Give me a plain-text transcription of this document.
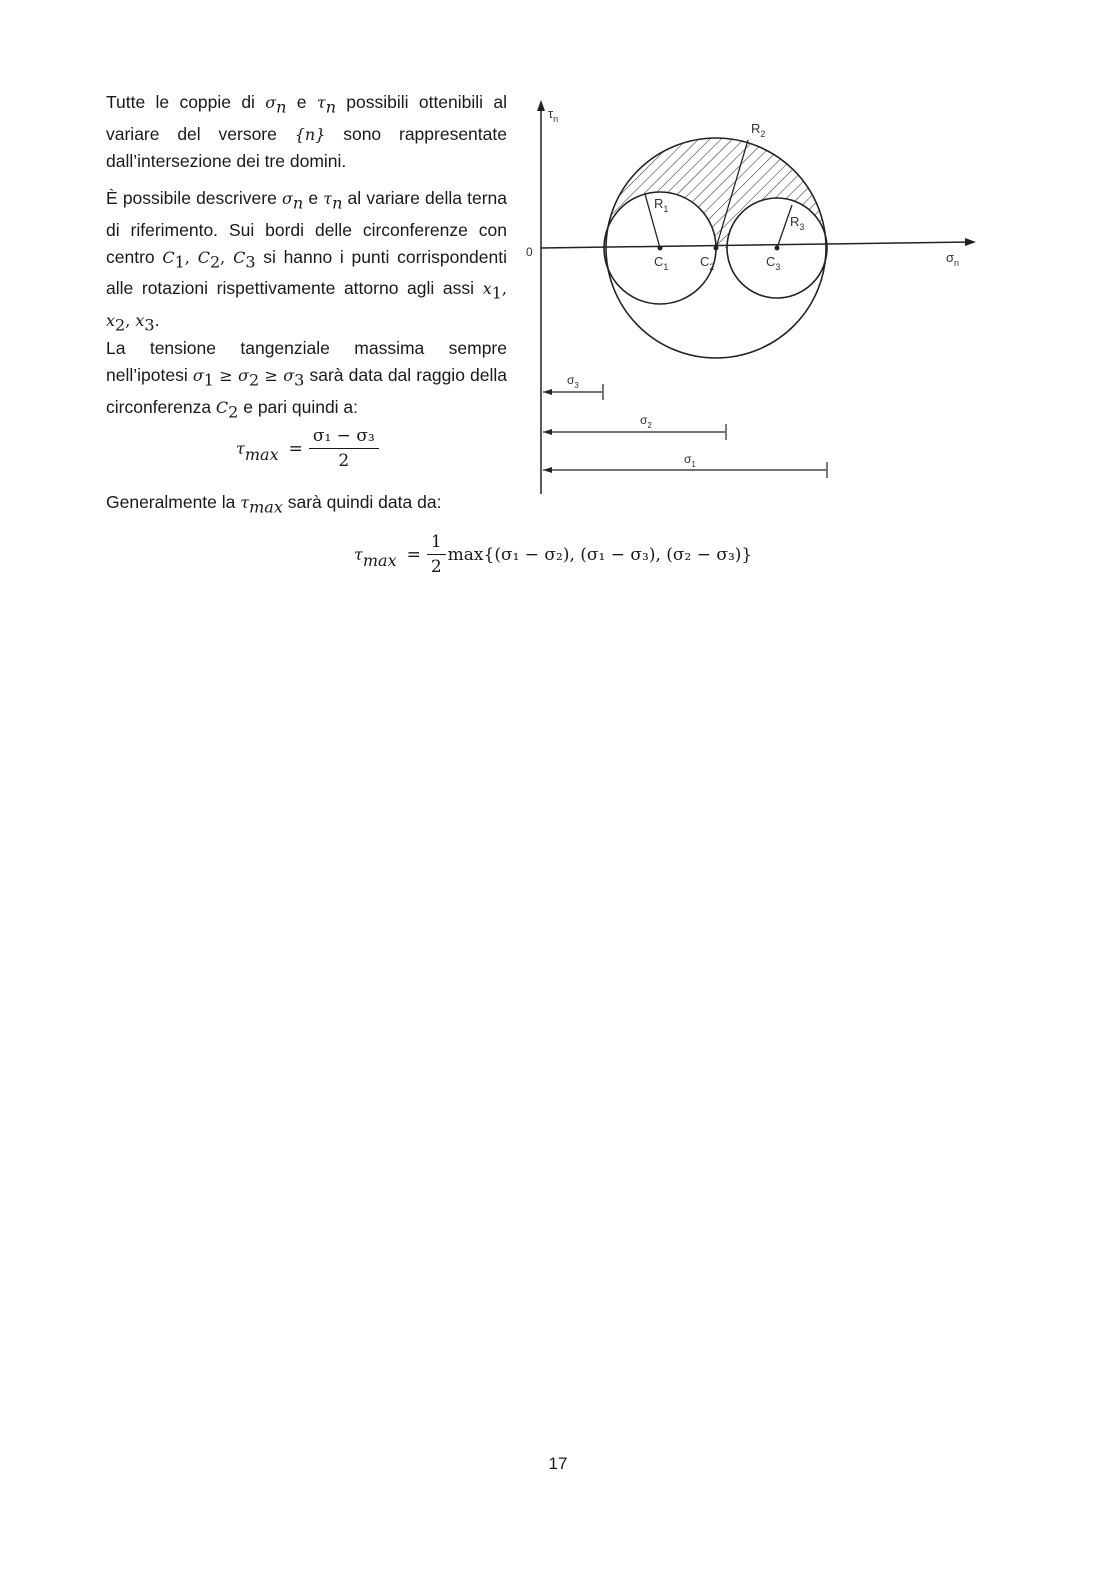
Tutte le coppie di $\sigma_n$ e $\tau_n$ possibili ottenibili al variare del versore {n} sono rappresentate dall’intersezione dei tre domini.

È possibile descrivere $\sigma_n$ e $\tau_n$ al variare della terna di riferimento. Sui bordi delle circonferenze con centro $C_1$, $C_2$, $C_3$ si hanno i punti corrispondenti alle rotazioni rispettivamente attorno agli assi $x_1$, $x_2$, $x_3$.

La tensione tangenziale massima sempre nell’ipotesi $\sigma_1 \ge \sigma_2 \ge \sigma_3$ sarà data dal raggio della circonferenza $C_2$ e pari quindi a:

τ $\max = \frac{\text{σ₁ − σ₃}}{2}$

Generalmente la $\tau_{max}$ sarà quindi data da:

τ $\max = \frac{1}{2} \max\{(\sigma_1 - \sigma_2)$, (σ₁ − σ₃), (σ₂ − σ₃)}
$\tau_n$
$\sigma_n$
0
$C_1$ $C_2$	$C_3$
$R_1$
$R_2$
$R_3$
$\sigma_3$
$\sigma_2$
$\sigma_1$
17
